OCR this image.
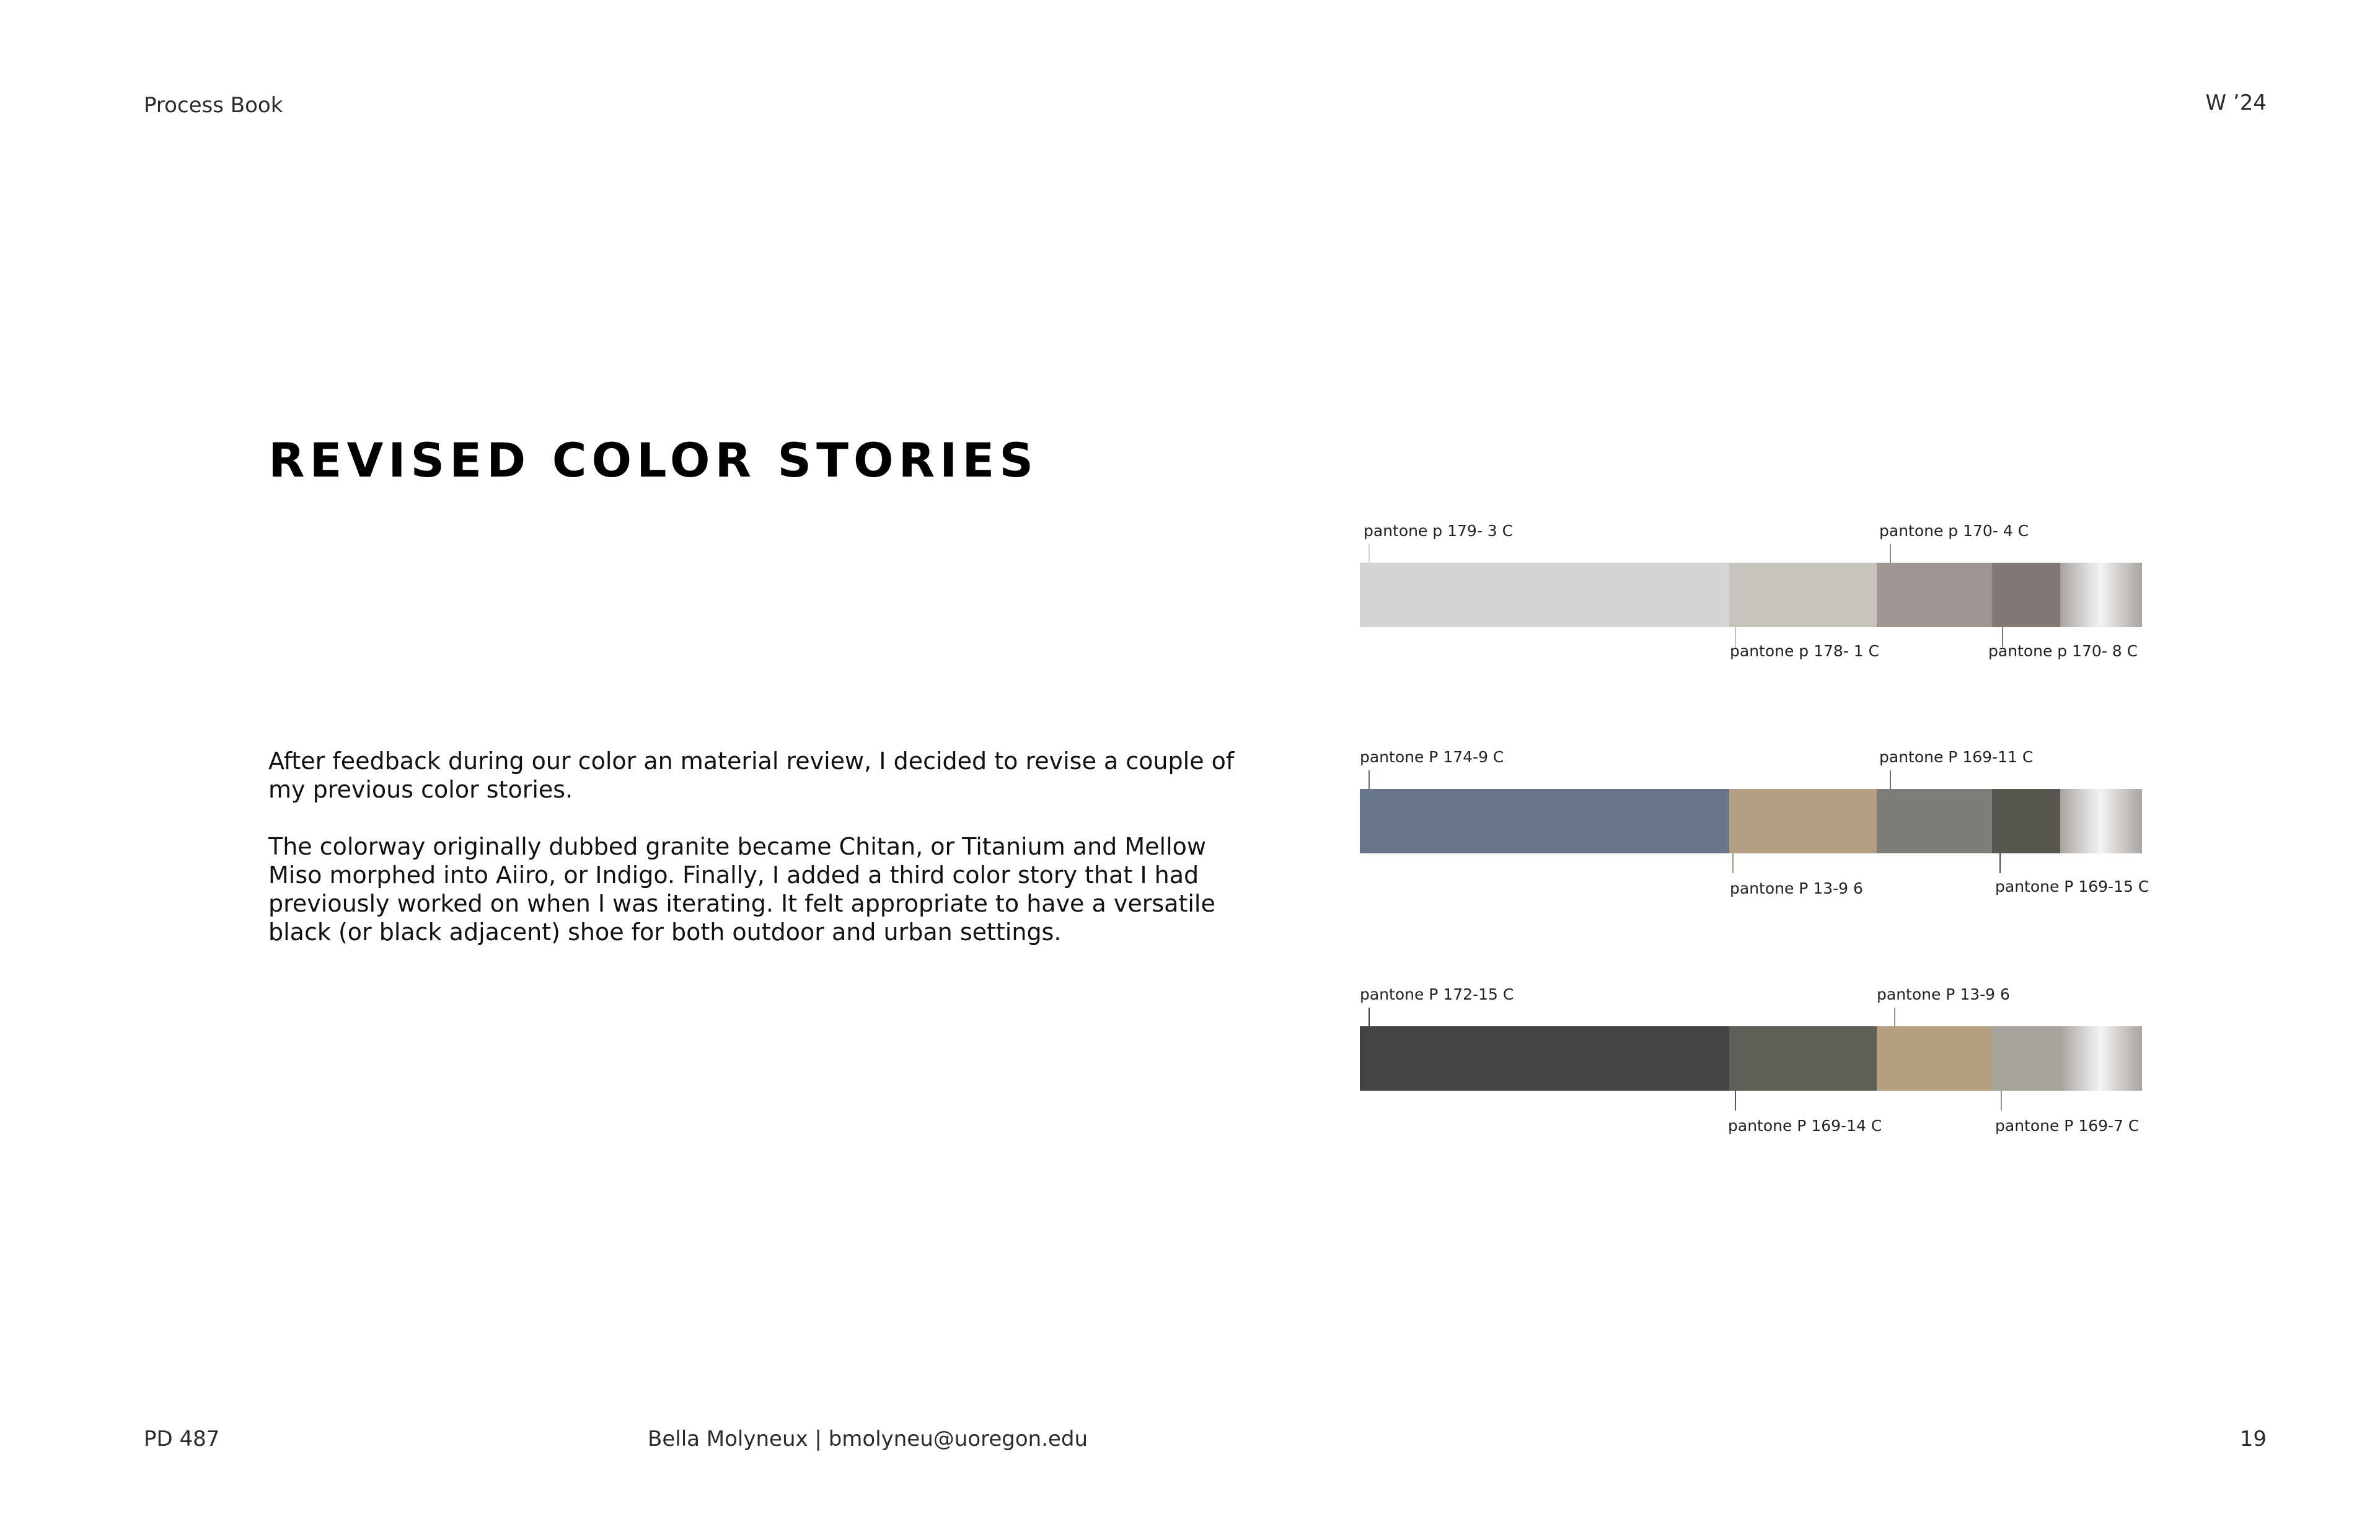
Process Book	W ’24
REVISED COLOR STORIES

After feedback during our color an material review, I decided to revise a couple of my previous color stories.

The colorway originally dubbed granite became Chitan, or Titanium and Mellow Miso morphed into Aiiro, or Indigo. Finally, I added a third color story that I had previously worked on when I was iterating. It felt appropriate to have a versatile black (or black adjacent) shoe for both outdoor and urban settings.

pantone p 179- 3 C	pantone p 170- 4 C
pantone p 178- 1 C	pantone p 170- 8 C
pantone P 174-9 C	pantone P 169-11 C
pantone P 13-9 6	pantone P 169-15 C
pantone P 172-15 C	pantone P 13-9 6
pantone P 169-14 C	pantone P 169-7 C
PD 487	Bella Molyneux | bmolyneu@uoregon.edu	19
